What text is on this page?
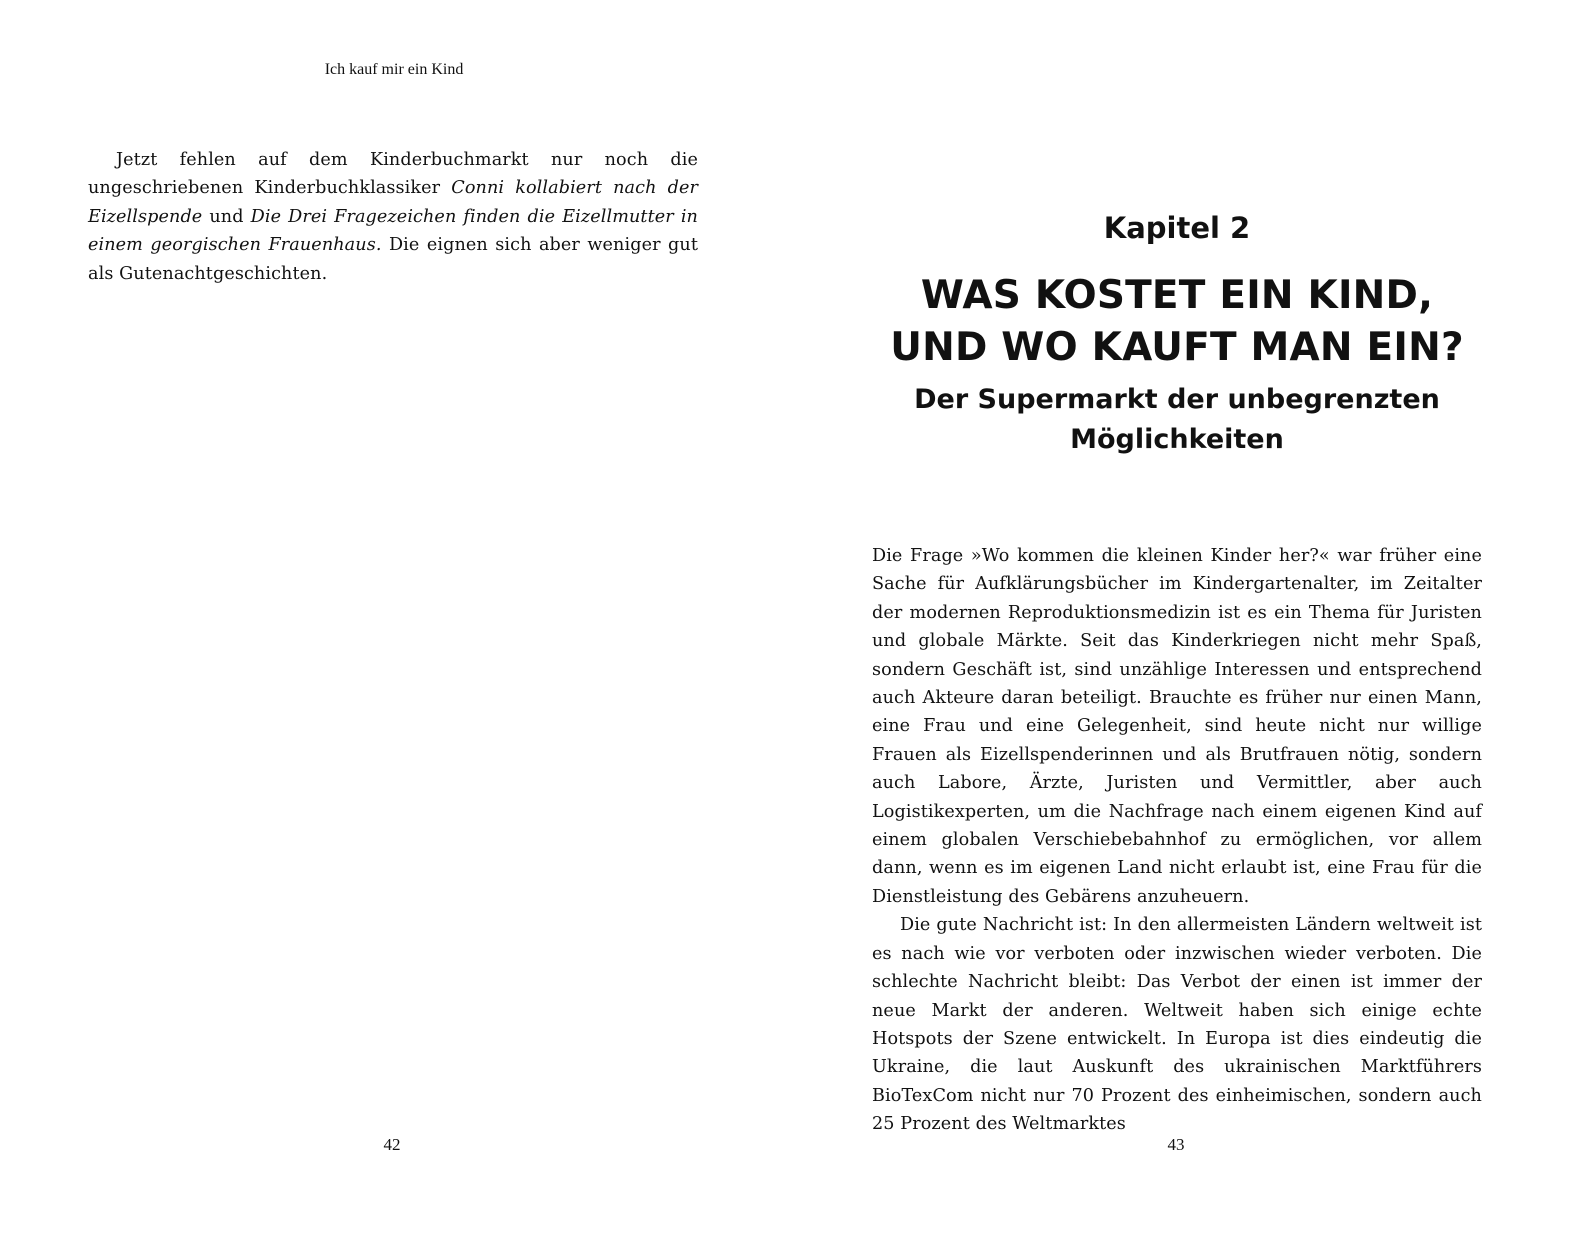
Ich kauf mir ein Kind

Jetzt fehlen auf dem Kinderbuchmarkt nur noch die ungeschriebenen Kinderbuchklassiker Conni kollabiert nach der Eizellspende und Die Drei Fragezeichen finden die Eizellmutter in einem georgischen Frauenhaus. Die eignen sich aber weniger gut als Gutenachtgeschichten.

42
Kapitel 2
WAS KOSTET EIN KIND,
UND WO KAUFT MAN EIN?
Der Supermarkt der unbegrenzten
Möglichkeiten

Die Frage »Wo kommen die kleinen Kinder her?« war früher eine Sache für Aufklärungsbücher im Kindergartenalter, im Zeitalter der modernen Reproduktionsmedizin ist es ein Thema für Juristen und globale Märkte. Seit das Kinderkriegen nicht mehr Spaß, sondern Geschäft ist, sind unzählige Interessen und entsprechend auch Akteure daran beteiligt. Brauchte es früher nur einen Mann, eine Frau und eine Gelegenheit, sind heute nicht nur willige Frauen als Eizellspenderinnen und als Brutfrauen nötig, sondern auch Labore, Ärzte, Juristen und Vermittler, aber auch Logistikexperten, um die Nachfrage nach einem eigenen Kind auf einem globalen Verschiebebahnhof zu ermöglichen, vor allem dann, wenn es im eigenen Land nicht erlaubt ist, eine Frau für die Dienstleistung des Gebärens anzuheuern.

Die gute Nachricht ist: In den allermeisten Ländern weltweit ist es nach wie vor verboten oder inzwischen wieder verboten. Die schlechte Nachricht bleibt: Das Verbot der einen ist immer der neue Markt der anderen. Weltweit haben sich einige echte Hotspots der Szene entwickelt. In Europa ist dies eindeutig die Ukraine, die laut Auskunft des ukrainischen Marktführers BioTexCom nicht nur 70 Prozent des einheimischen, sondern auch 25 Prozent des Weltmarktes

43
